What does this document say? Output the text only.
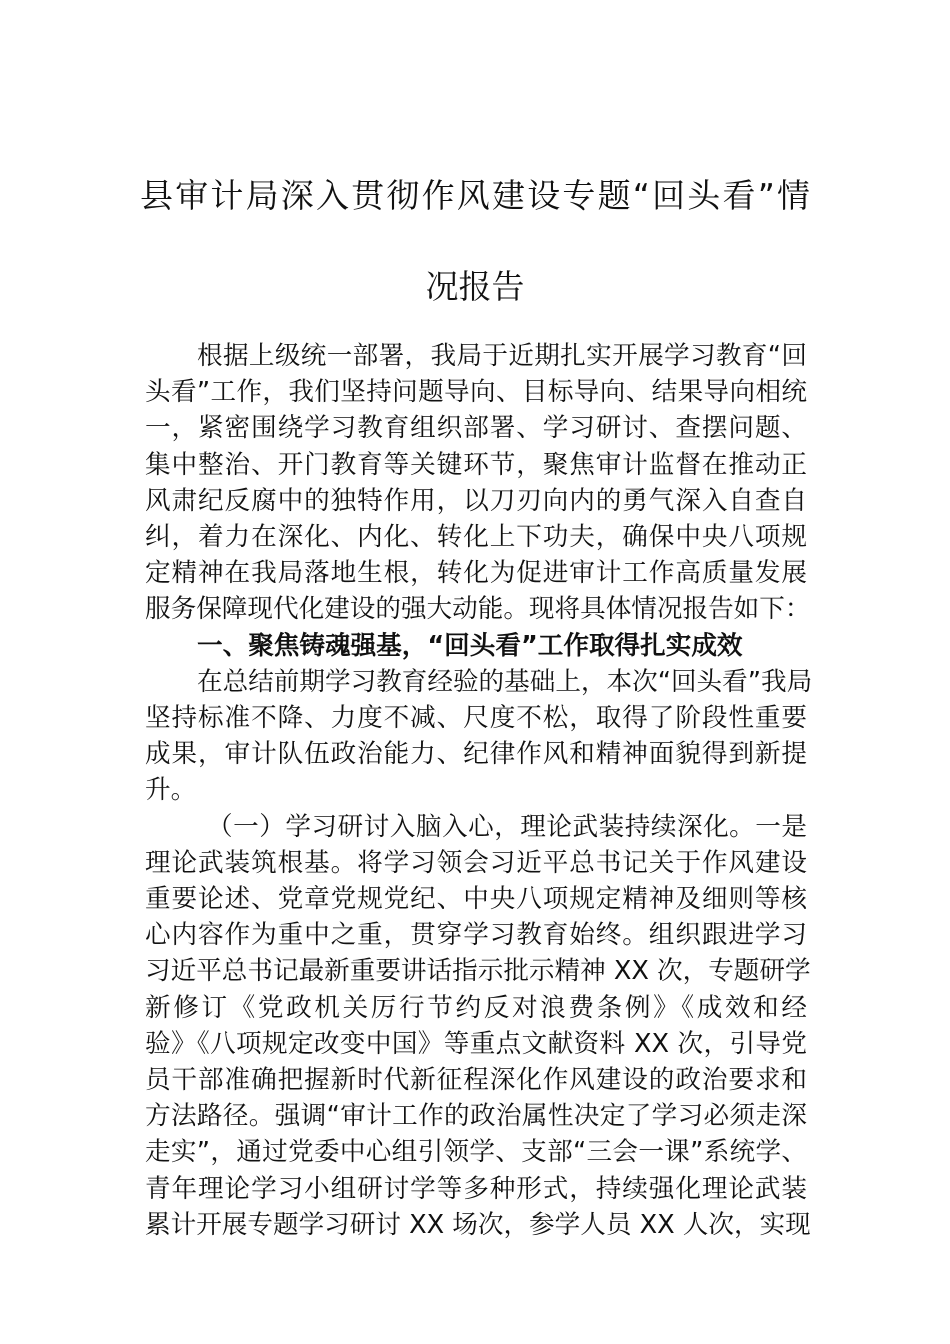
县审计局深入贯彻作风建设专题“回头看”情
况报告
根据上级统一部署，我局于近期扎实开展学习教育“回
头看”工作，我们坚持问题导向、目标导向、结果导向相统
一，紧密围绕学习教育组织部署、学习研讨、查摆问题、
集中整治、开门教育等关键环节，聚焦审计监督在推动正
风肃纪反腐中的独特作用，以刀刃向内的勇气深入自查自
纠，着力在深化、内化、转化上下功夫，确保中央八项规
定精神在我局落地生根，转化为促进审计工作高质量发展
服务保障现代化建设的强大动能。现将具体情况报告如下：
一、聚焦铸魂强基，“回头看”工作取得扎实成效
在总结前期学习教育经验的基础上，本次“回头看”我局
坚持标准不降、力度不减、尺度不松，取得了阶段性重要
成果，审计队伍政治能力、纪律作风和精神面貌得到新提
升。
（一）学习研讨入脑入心，理论武装持续深化。一是
理论武装筑根基。将学习领会习近平总书记关于作风建设
重要论述、党章党规党纪、中央八项规定精神及细则等核
心内容作为重中之重，贯穿学习教育始终。组织跟进学习
习近平总书记最新重要讲话指示批示精神 XX 次，专题研学
新修订《党政机关厉行节约反对浪费条例》《成效和经
验》《八项规定改变中国》等重点文献资料 XX 次，引导党
员干部准确把握新时代新征程深化作风建设的政治要求和
方法路径。强调“审计工作的政治属性决定了学习必须走深
走实”，通过党委中心组引领学、支部“三会一课”系统学、
青年理论学习小组研讨学等多种形式，持续强化理论武装
累计开展专题学习研讨 XX 场次，参学人员 XX 人次，实现
